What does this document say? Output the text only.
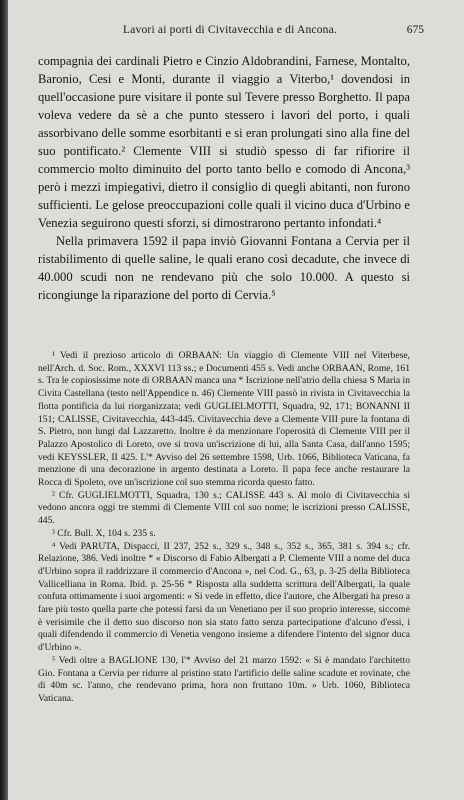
Lavori ai porti di Civitavecchia e di Ancona.	675

compagnia dei cardinali Pietro e Cinzio Aldobrandini, Farnese, Montalto, Baronio, Cesi e Monti, durante il viaggio a Viterbo,¹ dovendosi in quell'occasione pure visitare il ponte sul Tevere presso Borghetto. Il papa voleva vedere da sè a che punto stessero i lavori del porto, i quali assorbivano delle somme esorbitanti e si eran prolungati sino alla fine del suo pontificato.² Clemente VIII si studiò spesso di far rifiorire il commercio molto diminuito del porto tanto bello e comodo di Ancona,³ però i mezzi impiegativi, dietro il consiglio di quegli abitanti, non furono sufficienti. Le gelose preoccupazioni colle quali il vicino duca d'Urbino e Venezia seguirono questi sforzi, si dimostrarono pertanto infondati.⁴

Nella primavera 1592 il papa inviò Giovanni Fontana a Cervia per il ristabilimento di quelle saline, le quali erano così decadute, che invece di 40.000 scudi non ne rendevano più che solo 10.000. A questo si ricongiunge la riparazione del porto di Cervia.⁵

¹ Vedi il prezioso articolo di ORBAAN: Un viaggio di Clemente VIII nel Viterbese, nell'Arch. d. Soc. Rom., XXXVI 113 ss.; e Documenti 455 s. Vedi anche ORBAAN, Rome, 161 s. Tra le copiosissime note di ORBAAN manca una * Iscrizione nell'atrio della chiesa S Maria in Civita Castellana (testo nell'Appendice n. 46) Clemente VIII passò in rivista in Civitavecchia la flotta pontificia da lui riorganizzata; vedi GUGLIELMOTTI, Squadra, 92, 171; BONANNI II 151; CALISSE, Civitavecchia, 443-445. Civitavecchia deve a Clemente VIII pure la fontana di S. Pietro, non lungi dal Lazzaretto. Inoltre è da menzionare l'operosità di Clemente VIII per il Palazzo Apostolico di Loreto, ove si trova un'iscrizione di lui, alla Santa Casa, dall'anno 1595; vedi KEYSSLER, II 425. L'* Avviso del 26 settembre 1598, Urb. 1066, Biblioteca Vaticana, fa menzione di una decorazione in argento destinata a Loreto. Il papa fece anche restaurare la Rocca di Spoleto, ove un'iscrizione col suo stemma ricorda questo fatto.

² Cfr. GUGLIELMOTTI, Squadra, 130 s.; CALISSE 443 s. Al molo di Civitavecchia si vedono ancora oggi tre stemmi di Clemente VIII col suo nome; le iscrizioni presso CALISSE, 445.

³ Cfr. Bull. X, 104 s. 235 s.

⁴ Vedi PARUTA, Dispacci, II 237, 252 s., 329 s., 348 s., 352 s., 365, 381 s. 394 s.; cfr. Relazione, 386. Vedi inoltre * « Discorso di Fabio Albergati a P. Clemente VIII a nome del duca d'Urbino sopra il raddrizzare il commercio d'Ancona », nel Cod. G., 63, p. 3-25 della Biblioteca Vallicelliana in Roma. Ibid. p. 25-56 * Risposta alla suddetta scrittura dell'Albergati, la quale confuta ottimamente i suoi argomenti: « Si vede in effetto, dice l'autore, che Albergati ha preso a fare più tosto quella parte che potessi farsi da un Venetiano per il suo proprio interesse, siccome è verisimile che il detto suo discorso non sia stato fatto senza partecipatione d'alcuno d'essi, i quali difendendo il commercio di Venetia vengono insieme a difendere l'intento del signor duca d'Urbino ».

⁵ Vedi oltre a BAGLIONE 130, l'* Avviso del 21 marzo 1592: « Si è mandato l'architetto Gio. Fontana a Cervia per ridurre al pristino stato l'artificio delle saline scadute et rovinate, che di 40m sc. l'anno, che rendevano prima, hora non fruttano 10m. » Urb. 1060, Biblioteca Vaticana.
